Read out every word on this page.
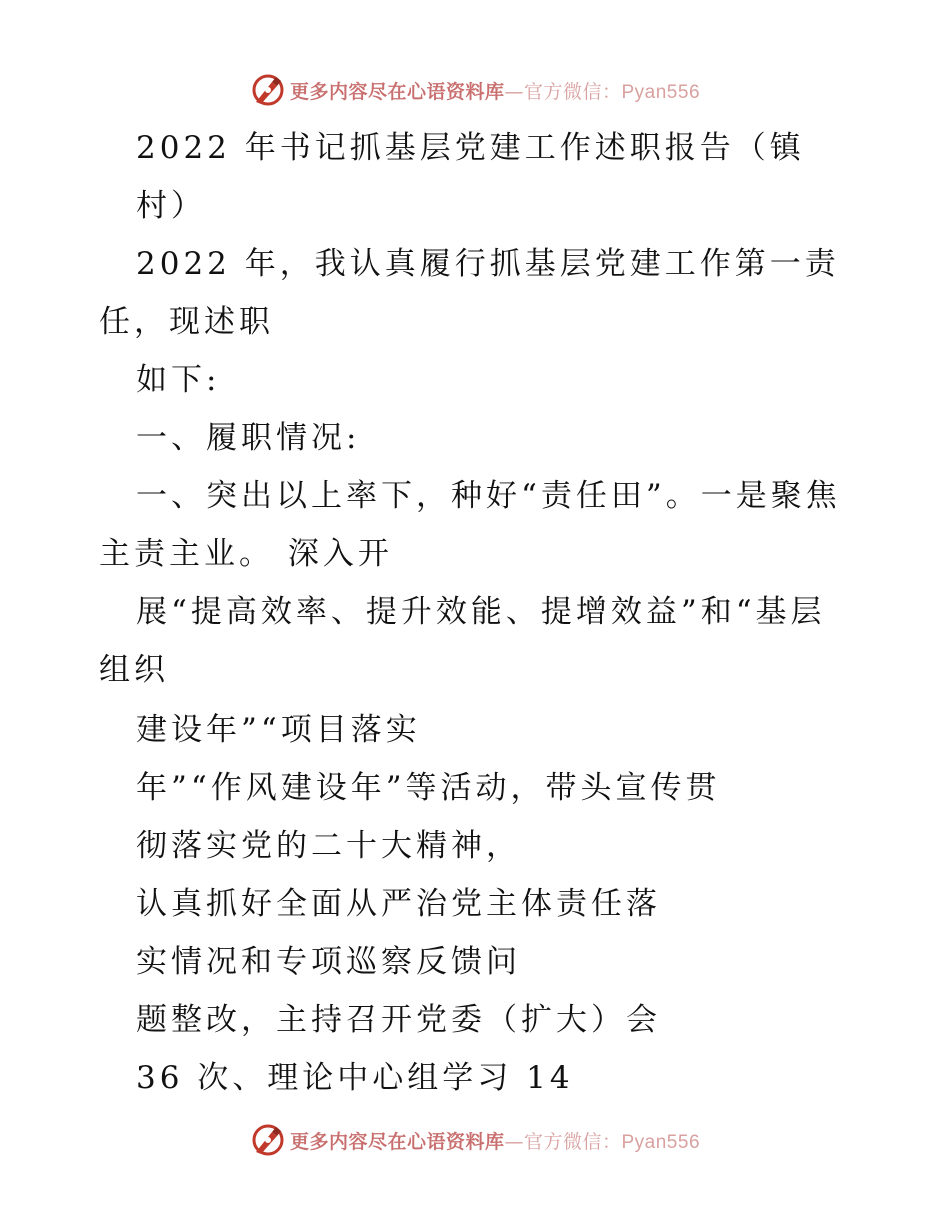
更多内容尽在心语资料库—官方微信：Pyan556
2022 年书记抓基层党建工作述职报告（镇
村）
2022 年，我认真履行抓基层党建工作第一责
任，现述职
如下:
一、履职情况:
一、突出以上率下，种好“责任田”。一是聚焦
主责主业。 深入开
展“提高效率、提升效能、提增效益”和“基层
组织
建设年”“项目落实
年”“作风建设年”等活动，带头宣传贯
彻落实党的二十大精神，
认真抓好全面从严治党主体责任落
实情况和专项巡察反馈问
题整改，主持召开党委（扩大）会
36 次、理论中心组学习 14
更多内容尽在心语资料库—官方微信：Pyan556
